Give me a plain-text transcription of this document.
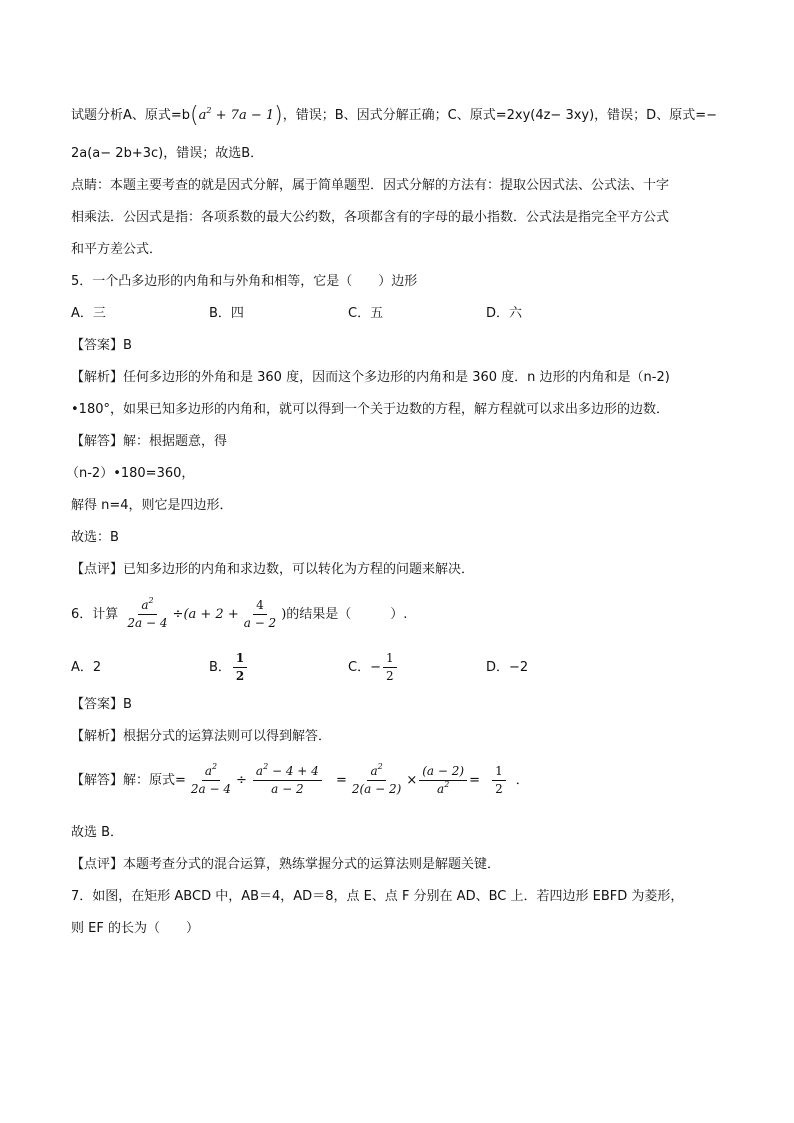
试题分析A、原式$=b(a^2 + 7a - 1)$，错误；B、因式分解正确；C、原式=2xy(4z− 3xy)，错误；D、原式=−
2a(a− 2b+3c)，错误；故选B．
点睛：本题主要考查的就是因式分解，属于简单题型．因式分解的方法有：提取公因式法、公式法、十字
相乘法．公因式是指：各项系数的最大公约数，各项都含有的字母的最小指数．公式法是指完全平方公式
和平方差公式．
5．一个凸多边形的内角和与外角和相等，它是（　　）边形
A．三	B．四	C．五	D．六
【答案】B
【解析】任何多边形的外角和是 360 度，因而这个多边形的内角和是 360 度．n 边形的内角和是（n-2)
•180°，如果已知多边形的内角和，就可以得到一个关于边数的方程，解方程就可以求出多边形的边数．
【解答】解：根据题意，得
（n-2）•180=360，
解得 n=4，则它是四边形．
故选：B
【点评】已知多边形的内角和求边数，可以转化为方程的问题来解决．
6．计算 $\frac{a^2}{2a - 4} \div(a + 2 + \frac{4}{a - 2}$ )的结果是（　　　）.
A．2	B． $\frac{1}{2}$	C．− $\frac{1}{2}$	D．−2
【答案】B
【解析】根据分式的运算法则可以得到解答．
【解答】解：原式= $\frac{a^2}{2a - 4} \div \frac{a^2 - 4 + 4}{a - 2} = \frac{a^2}{2(a - 2)} \times \frac{(a - 2)}{a^2} = \frac{1}{2}$ ．
故选 B．
【点评】本题考查分式的混合运算，熟练掌握分式的运算法则是解题关键．
7．如图，在矩形 ABCD 中，AB＝4，AD＝8，点 E、点 F 分别在 AD、BC 上．若四边形 EBFD 为菱形，
则 EF 的长为（　　）
